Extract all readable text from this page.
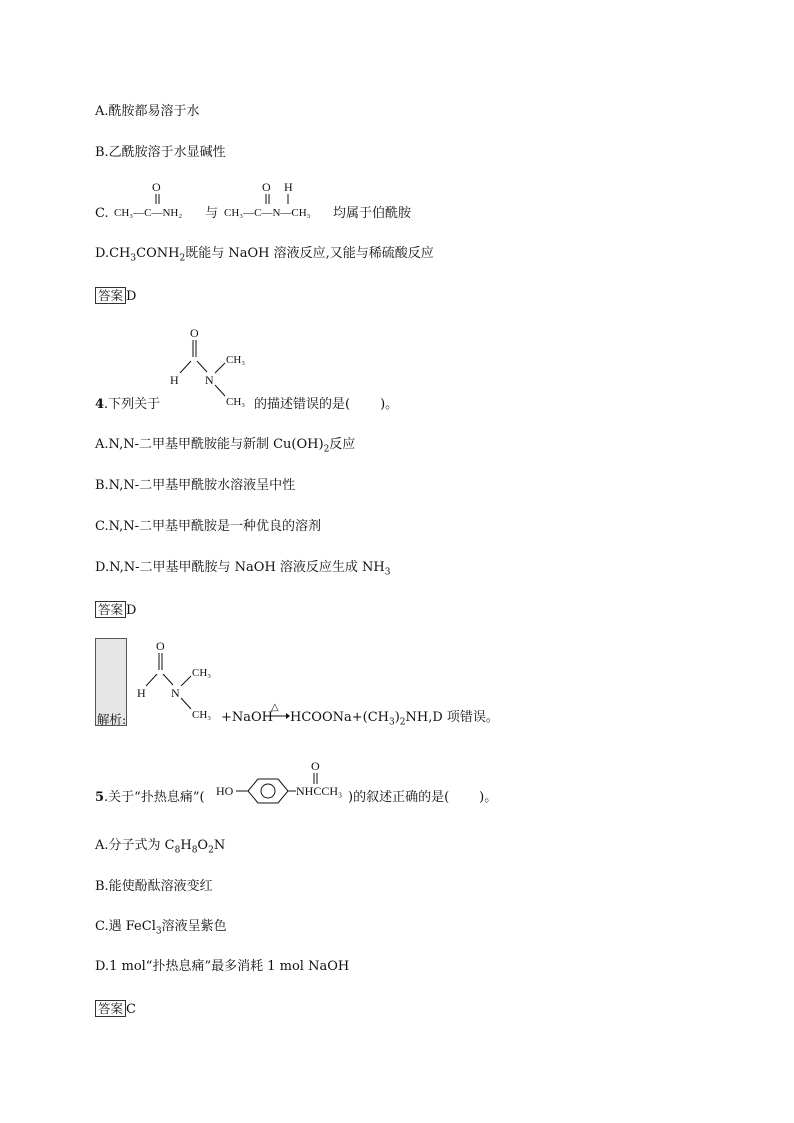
A.酰胺都易溶于水
B.乙酰胺溶于水显碱性
C.
O
CH₃—C—NH₂ 与
O H
CH₃—C—N—CH₃ 均属于伯酰胺
$D.CH_3CONH_2$既能与 NaOH 溶液反应,又能与稀硫酸反应
答案 D
4.下列关于
O
H N
CH₃
CH₃ 的描述错误的是( )。
A.N,N-二甲基甲酰胺能与新制 $Cu(OH)_2$反应
B.N,N-二甲基甲酰胺水溶液呈中性
C.N,N-二甲基甲酰胺是一种优良的溶剂
D.N,N-二甲基甲酰胺与 NaOH 溶液反应生成 $NH_3$
答案 D
解析:
O
H N
CH₃
CH₃ +NaOH
△
$HCOONa+(CH_3)_2NH,D$ 项错误。
5.关于“扑热息痛”( HO	NHCCH₃
O
)的叙述正确的是( )。
A.分子式为 $C_8H_8O_2N$
B.能使酚酞溶液变红
C.遇 FeCl$_3$溶液呈紫色
D.1 mol“扑热息痛”最多消耗 1 mol NaOH
答案 C
